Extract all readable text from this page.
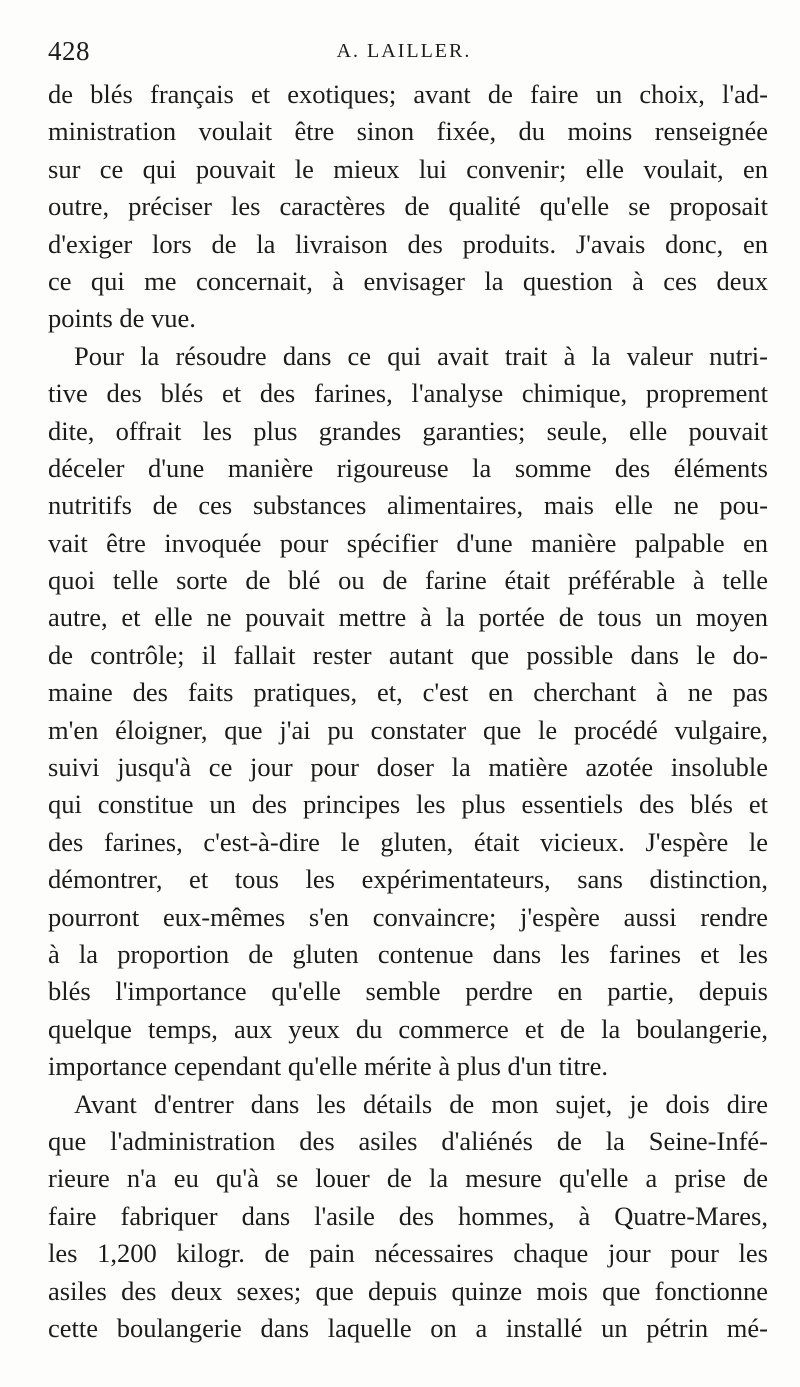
428	A. LAILLER.
de blés français et exotiques; avant de faire un choix, l'ad-
ministration voulait être sinon fixée, du moins renseignée
sur ce qui pouvait le mieux lui convenir; elle voulait, en
outre, préciser les caractères de qualité qu'elle se proposait
d'exiger lors de la livraison des produits. J'avais donc, en
ce qui me concernait, à envisager la question à ces deux
points de vue.
Pour la résoudre dans ce qui avait trait à la valeur nutri-
tive des blés et des farines, l'analyse chimique, proprement
dite, offrait les plus grandes garanties; seule, elle pouvait
déceler d'une manière rigoureuse la somme des éléments
nutritifs de ces substances alimentaires, mais elle ne pou-
vait être invoquée pour spécifier d'une manière palpable en
quoi telle sorte de blé ou de farine était préférable à telle
autre, et elle ne pouvait mettre à la portée de tous un moyen
de contrôle; il fallait rester autant que possible dans le do-
maine des faits pratiques, et, c'est en cherchant à ne pas
m'en éloigner, que j'ai pu constater que le procédé vulgaire,
suivi jusqu'à ce jour pour doser la matière azotée insoluble
qui constitue un des principes les plus essentiels des blés et
des farines, c'est-à-dire le gluten, était vicieux. J'espère le
démontrer, et tous les expérimentateurs, sans distinction,
pourront eux-mêmes s'en convaincre; j'espère aussi rendre
à la proportion de gluten contenue dans les farines et les
blés l'importance qu'elle semble perdre en partie, depuis
quelque temps, aux yeux du commerce et de la boulangerie,
importance cependant qu'elle mérite à plus d'un titre.
Avant d'entrer dans les détails de mon sujet, je dois dire
que l'administration des asiles d'aliénés de la Seine-Infé-
rieure n'a eu qu'à se louer de la mesure qu'elle a prise de
faire fabriquer dans l'asile des hommes, à Quatre-Mares,
les 1,200 kilogr. de pain nécessaires chaque jour pour les
asiles des deux sexes; que depuis quinze mois que fonctionne
cette boulangerie dans laquelle on a installé un pétrin mé-
